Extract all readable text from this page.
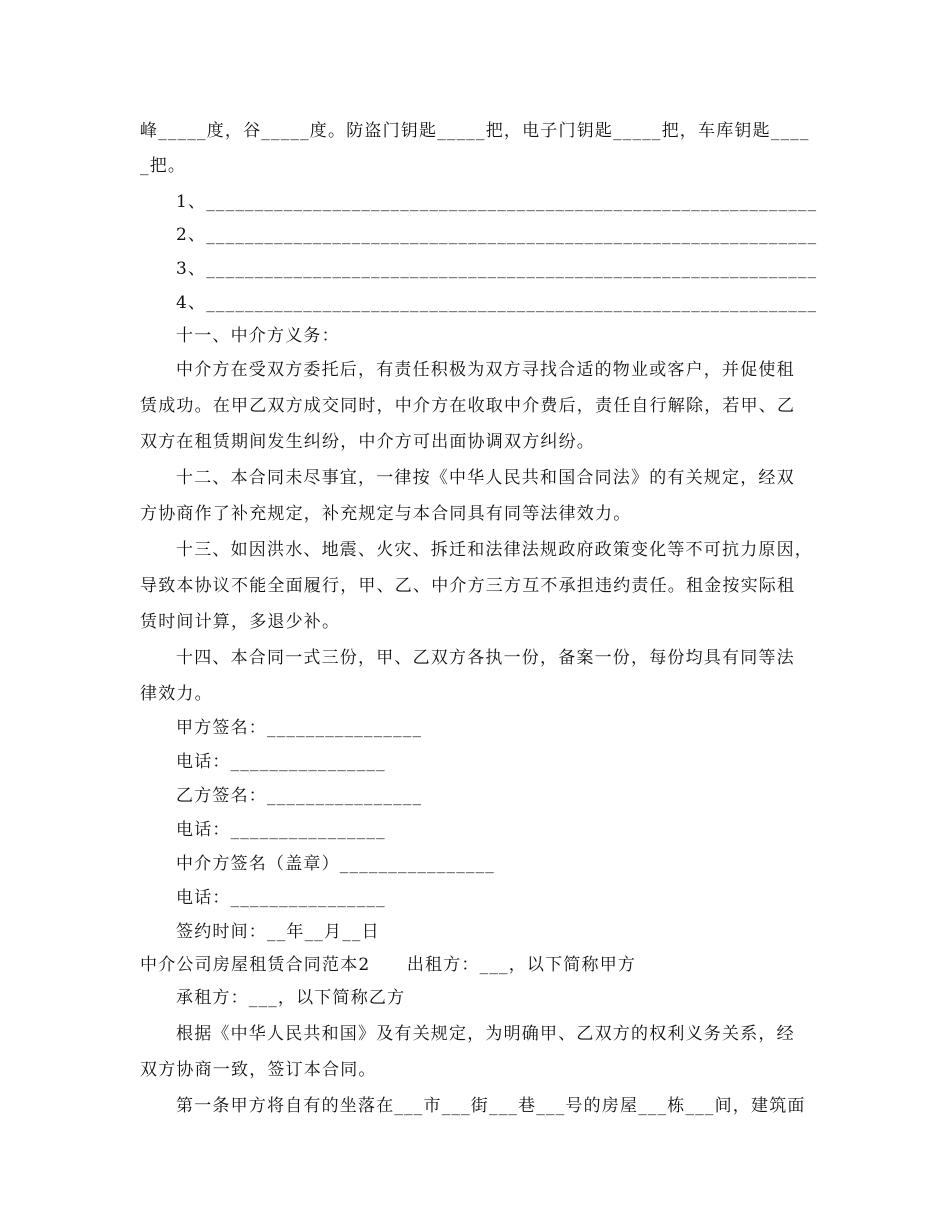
峰_____度，谷_____度。防盗门钥匙_____把，电子门钥匙_____把，车库钥匙____
_把。
1、_______________________________________________________________
2、_______________________________________________________________
3、_______________________________________________________________
4、_______________________________________________________________
十一、中介方义务：
中介方在受双方委托后，有责任积极为双方寻找合适的物业或客户，并促使租
赁成功。在甲乙双方成交同时，中介方在收取中介费后，责任自行解除，若甲、乙
双方在租赁期间发生纠纷，中介方可出面协调双方纠纷。
十二、本合同未尽事宜，一律按《中华人民共和国合同法》的有关规定，经双
方协商作了补充规定，补充规定与本合同具有同等法律效力。
十三、如因洪水、地震、火灾、拆迁和法律法规政府政策变化等不可抗力原因，
导致本协议不能全面履行，甲、乙、中介方三方互不承担违约责任。租金按实际租
赁时间计算，多退少补。
十四、本合同一式三份，甲、乙双方各执一份，备案一份，每份均具有同等法
律效力。
甲方签名：________________
电话：________________
乙方签名：________________
电话：________________
中介方签名（盖章）________________
电话：________________
签约时间：__年__月__日
中介公司房屋租赁合同范本2　　出租方：___，以下简称甲方
承租方：___，以下简称乙方
根据《中华人民共和国》及有关规定，为明确甲、乙双方的权利义务关系，经
双方协商一致，签订本合同。
第一条甲方将自有的坐落在___市___街___巷___号的房屋___栋___间，建筑面
